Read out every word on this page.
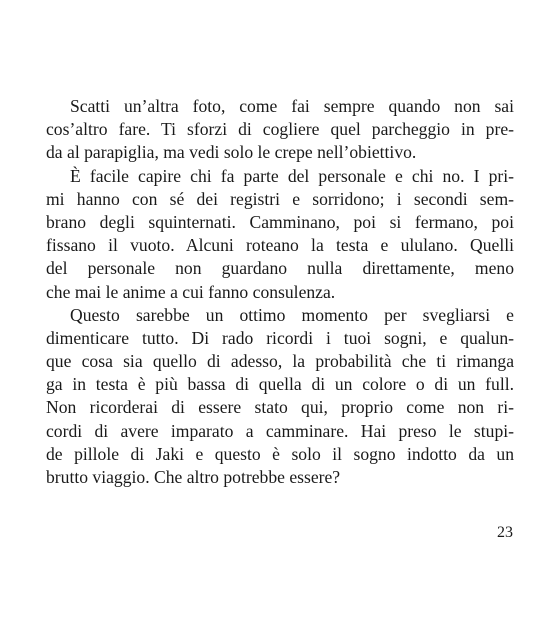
Scatti un’altra foto, come fai sempre quando non sai
cos’altro fare. Ti sforzi di cogliere quel parcheggio in pre-
da al parapiglia, ma vedi solo le crepe nell’obiettivo.
È facile capire chi fa parte del personale e chi no. I pri-
mi hanno con sé dei registri e sorridono; i secondi sem-
brano degli squinternati. Camminano, poi si fermano, poi
fissano il vuoto. Alcuni roteano la testa e ululano. Quelli
del personale non guardano nulla direttamente, meno
che mai le anime a cui fanno consulenza.
Questo sarebbe un ottimo momento per svegliarsi e
dimenticare tutto. Di rado ricordi i tuoi sogni, e qualun-
que cosa sia quello di adesso, la probabilità che ti rimanga
ga in testa è più bassa di quella di un colore o di un full.
Non ricorderai di essere stato qui, proprio come non ri-
cordi di avere imparato a camminare. Hai preso le stupi-
de pillole di Jaki e questo è solo il sogno indotto da un
brutto viaggio. Che altro potrebbe essere?
23
